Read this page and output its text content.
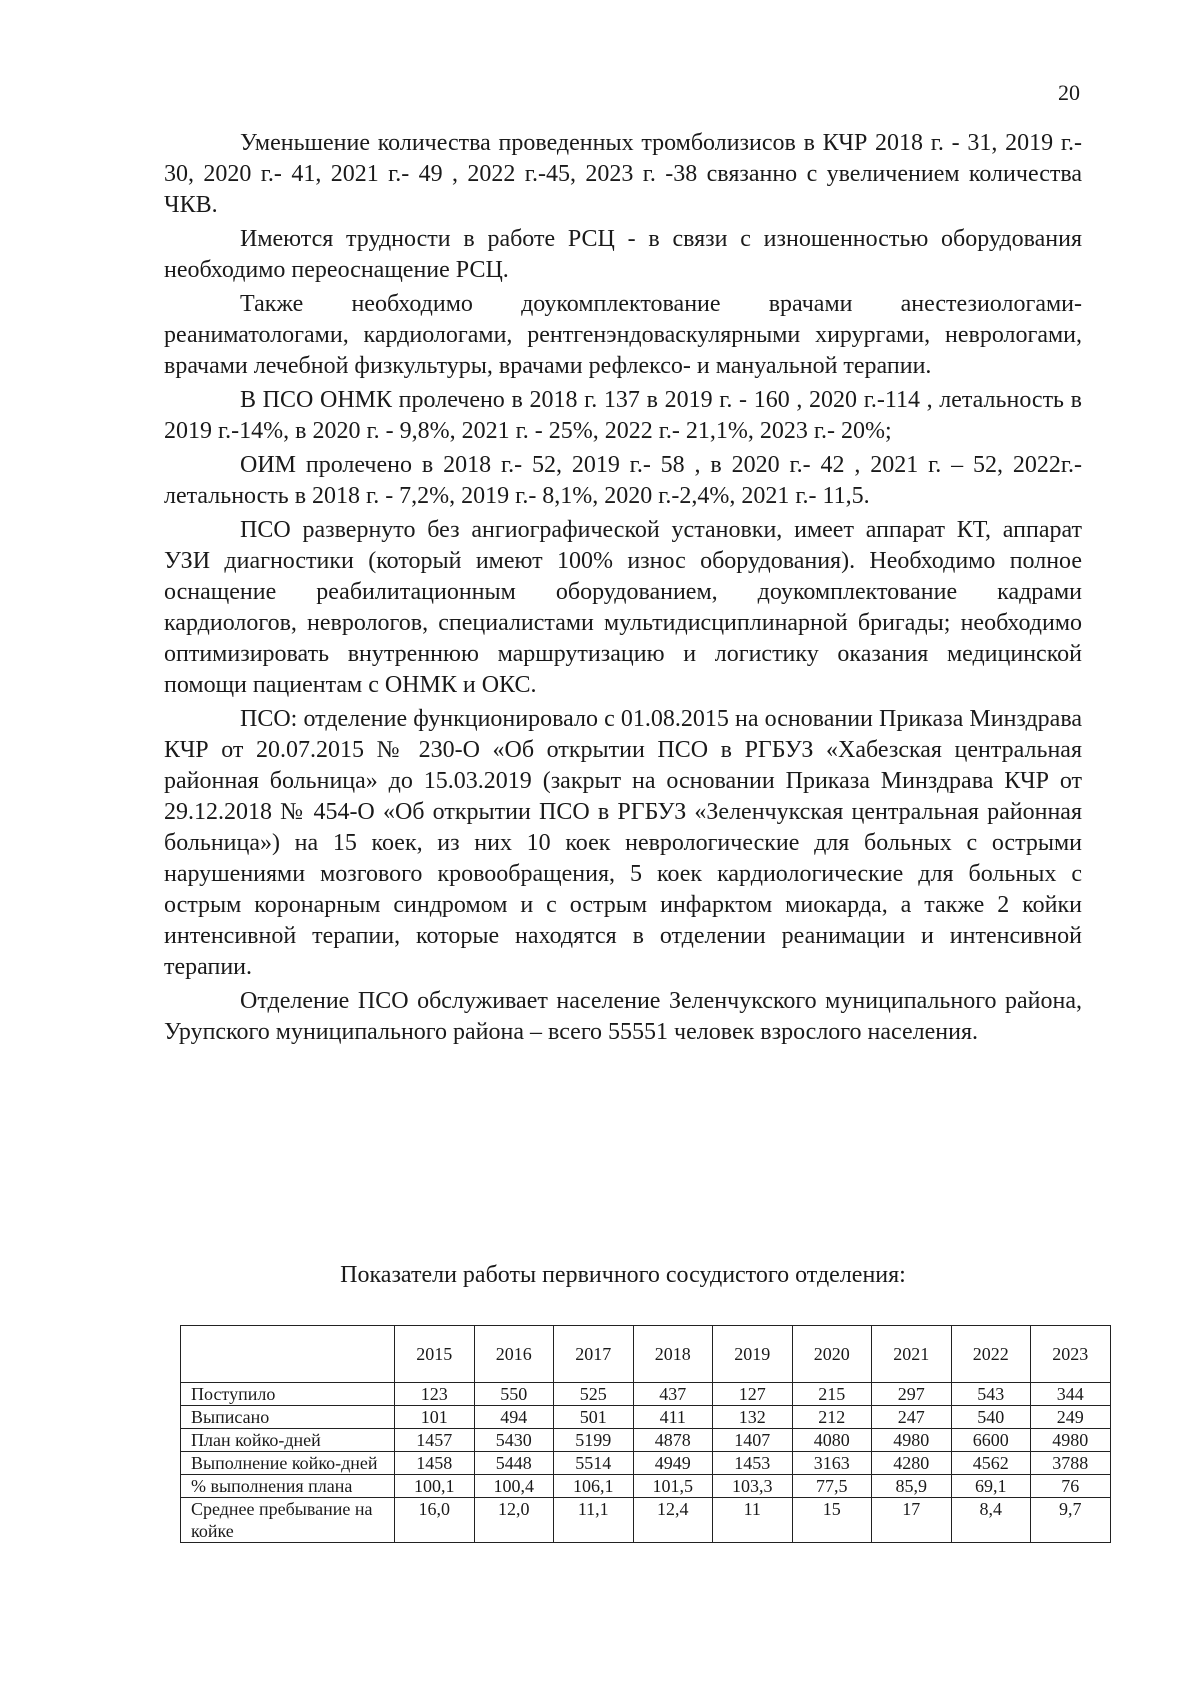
20

Уменьшение количества проведенных тромболизисов в КЧР 2018 г. - 31, 2019 г.- 30, 2020 г.- 41, 2021 г.- 49 , 2022 г.-45, 2023 г. -38 связанно с увеличением количества ЧКВ.

Имеются трудности в работе РСЦ - в связи с изношенностью оборудования необходимо переоснащение РСЦ.

Также необходимо доукомплектование врачами анестезиологами-реаниматологами, кардиологами, рентгенэндоваскулярными хирургами, неврологами, врачами лечебной физкультуры, врачами рефлексо- и мануальной терапии.

В ПСО ОНМК пролечено в 2018 г. 137 в 2019 г. - 160 , 2020 г.-114 , летальность в 2019 г.-14%, в 2020 г. - 9,8%, 2021 г. - 25%, 2022 г.- 21,1%, 2023 г.- 20%;

ОИМ пролечено в 2018 г.- 52, 2019 г.- 58 , в 2020 г.- 42 , 2021 г. – 52, 2022г.- летальность в 2018 г. - 7,2%, 2019 г.- 8,1%, 2020 г.-2,4%, 2021 г.- 11,5.

ПСО развернуто без ангиографической установки, имеет аппарат КТ, аппарат УЗИ диагностики (который имеют 100% износ оборудования). Необходимо полное оснащение реабилитационным оборудованием, доукомплектование кадрами кардиологов, неврологов, специалистами мультидисциплинарной бригады; необходимо оптимизировать внутреннюю маршрутизацию и логистику оказания медицинской помощи пациентам с ОНМК и ОКС.

ПСО: отделение функционировало с 01.08.2015 на основании Приказа Минздрава КЧР от 20.07.2015 № 230-О «Об открытии ПСО в РГБУЗ «Хабезская центральная районная больница» до 15.03.2019 (закрыт на основании Приказа Минздрава КЧР от 29.12.2018 № 454-О «Об открытии ПСО в РГБУЗ «Зеленчукская центральная районная больница») на 15 коек, из них 10 коек неврологические для больных с острыми нарушениями мозгового кровообращения, 5 коек кардиологические для больных с острым коронарным синдромом и с острым инфарктом миокарда, а также 2 койки интенсивной терапии, которые находятся в отделении реанимации и интенсивной терапии.

Отделение ПСО обслуживает население Зеленчукского муниципального района, Урупского муниципального района – всего 55551 человек взрослого населения.

Показатели работы первичного сосудистого отделения:
	2015	2016	2017	2018	2019	2020	2021	2022	2023
Поступило	123	550	525	437	127	215	297	543	344
Выписано	101	494	501	411	132	212	247	540	249
План койко-дней	1457	5430	5199	4878	1407	4080	4980	6600	4980
Выполнение койко-дней	1458	5448	5514	4949	1453	3163	4280	4562	3788
% выполнения плана	100,1	100,4	106,1	101,5	103,3	77,5	85,9	69,1	76
Среднее пребывание на койке	16,0	12,0	11,1	12,4	11	15	17	8,4	9,7
